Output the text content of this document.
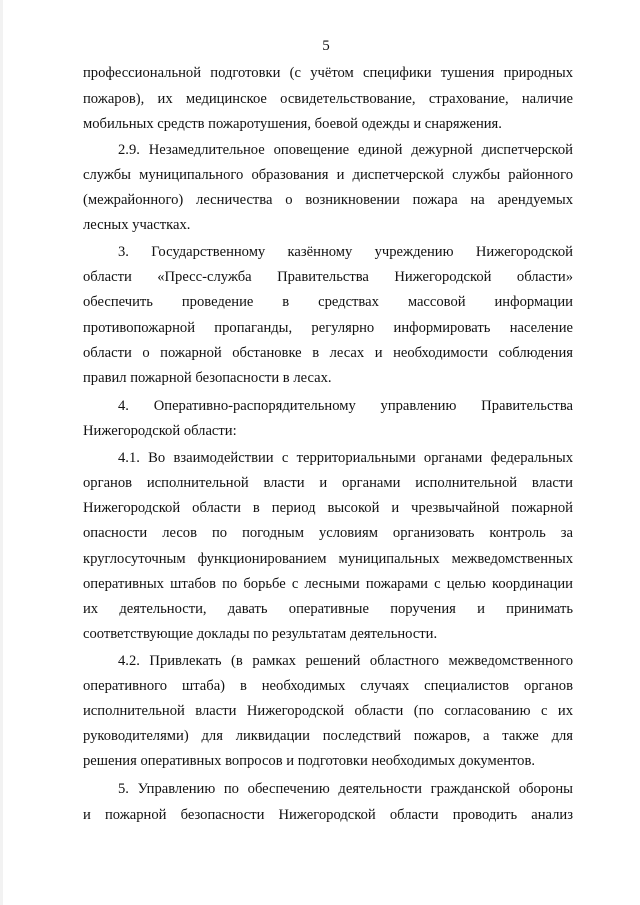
5
профессиональной подготовки (с учётом специфики тушения природных
пожаров), их медицинское освидетельствование, страхование, наличие
мобильных средств пожаротушения, боевой одежды и снаряжения.
2.9. Незамедлительное оповещение единой дежурной диспетчерской
службы муниципального образования и диспетчерской службы районного
(межрайонного) лесничества о возникновении пожара на арендуемых
лесных участках.
3. Государственному казённому учреждению Нижегородской
области «Пресс-служба Правительства Нижегородской области»
обеспечить проведение в средствах массовой информации
противопожарной пропаганды, регулярно информировать население
области о пожарной обстановке в лесах и необходимости соблюдения
правил пожарной безопасности в лесах.
4. Оперативно-распорядительному управлению Правительства
Нижегородской области:
4.1. Во взаимодействии с территориальными органами федеральных
органов исполнительной власти и органами исполнительной власти
Нижегородской области в период высокой и чрезвычайной пожарной
опасности лесов по погодным условиям организовать контроль за
круглосуточным функционированием муниципальных межведомственных
оперативных штабов по борьбе с лесными пожарами с целью координации
их деятельности, давать оперативные поручения и принимать
соответствующие доклады по результатам деятельности.
4.2. Привлекать (в рамках решений областного межведомственного
оперативного штаба) в необходимых случаях специалистов органов
исполнительной власти Нижегородской области (по согласованию с их
руководителями) для ликвидации последствий пожаров, а также для
решения оперативных вопросов и подготовки необходимых документов.
5. Управлению по обеспечению деятельности гражданской обороны
и пожарной безопасности Нижегородской области проводить анализ
